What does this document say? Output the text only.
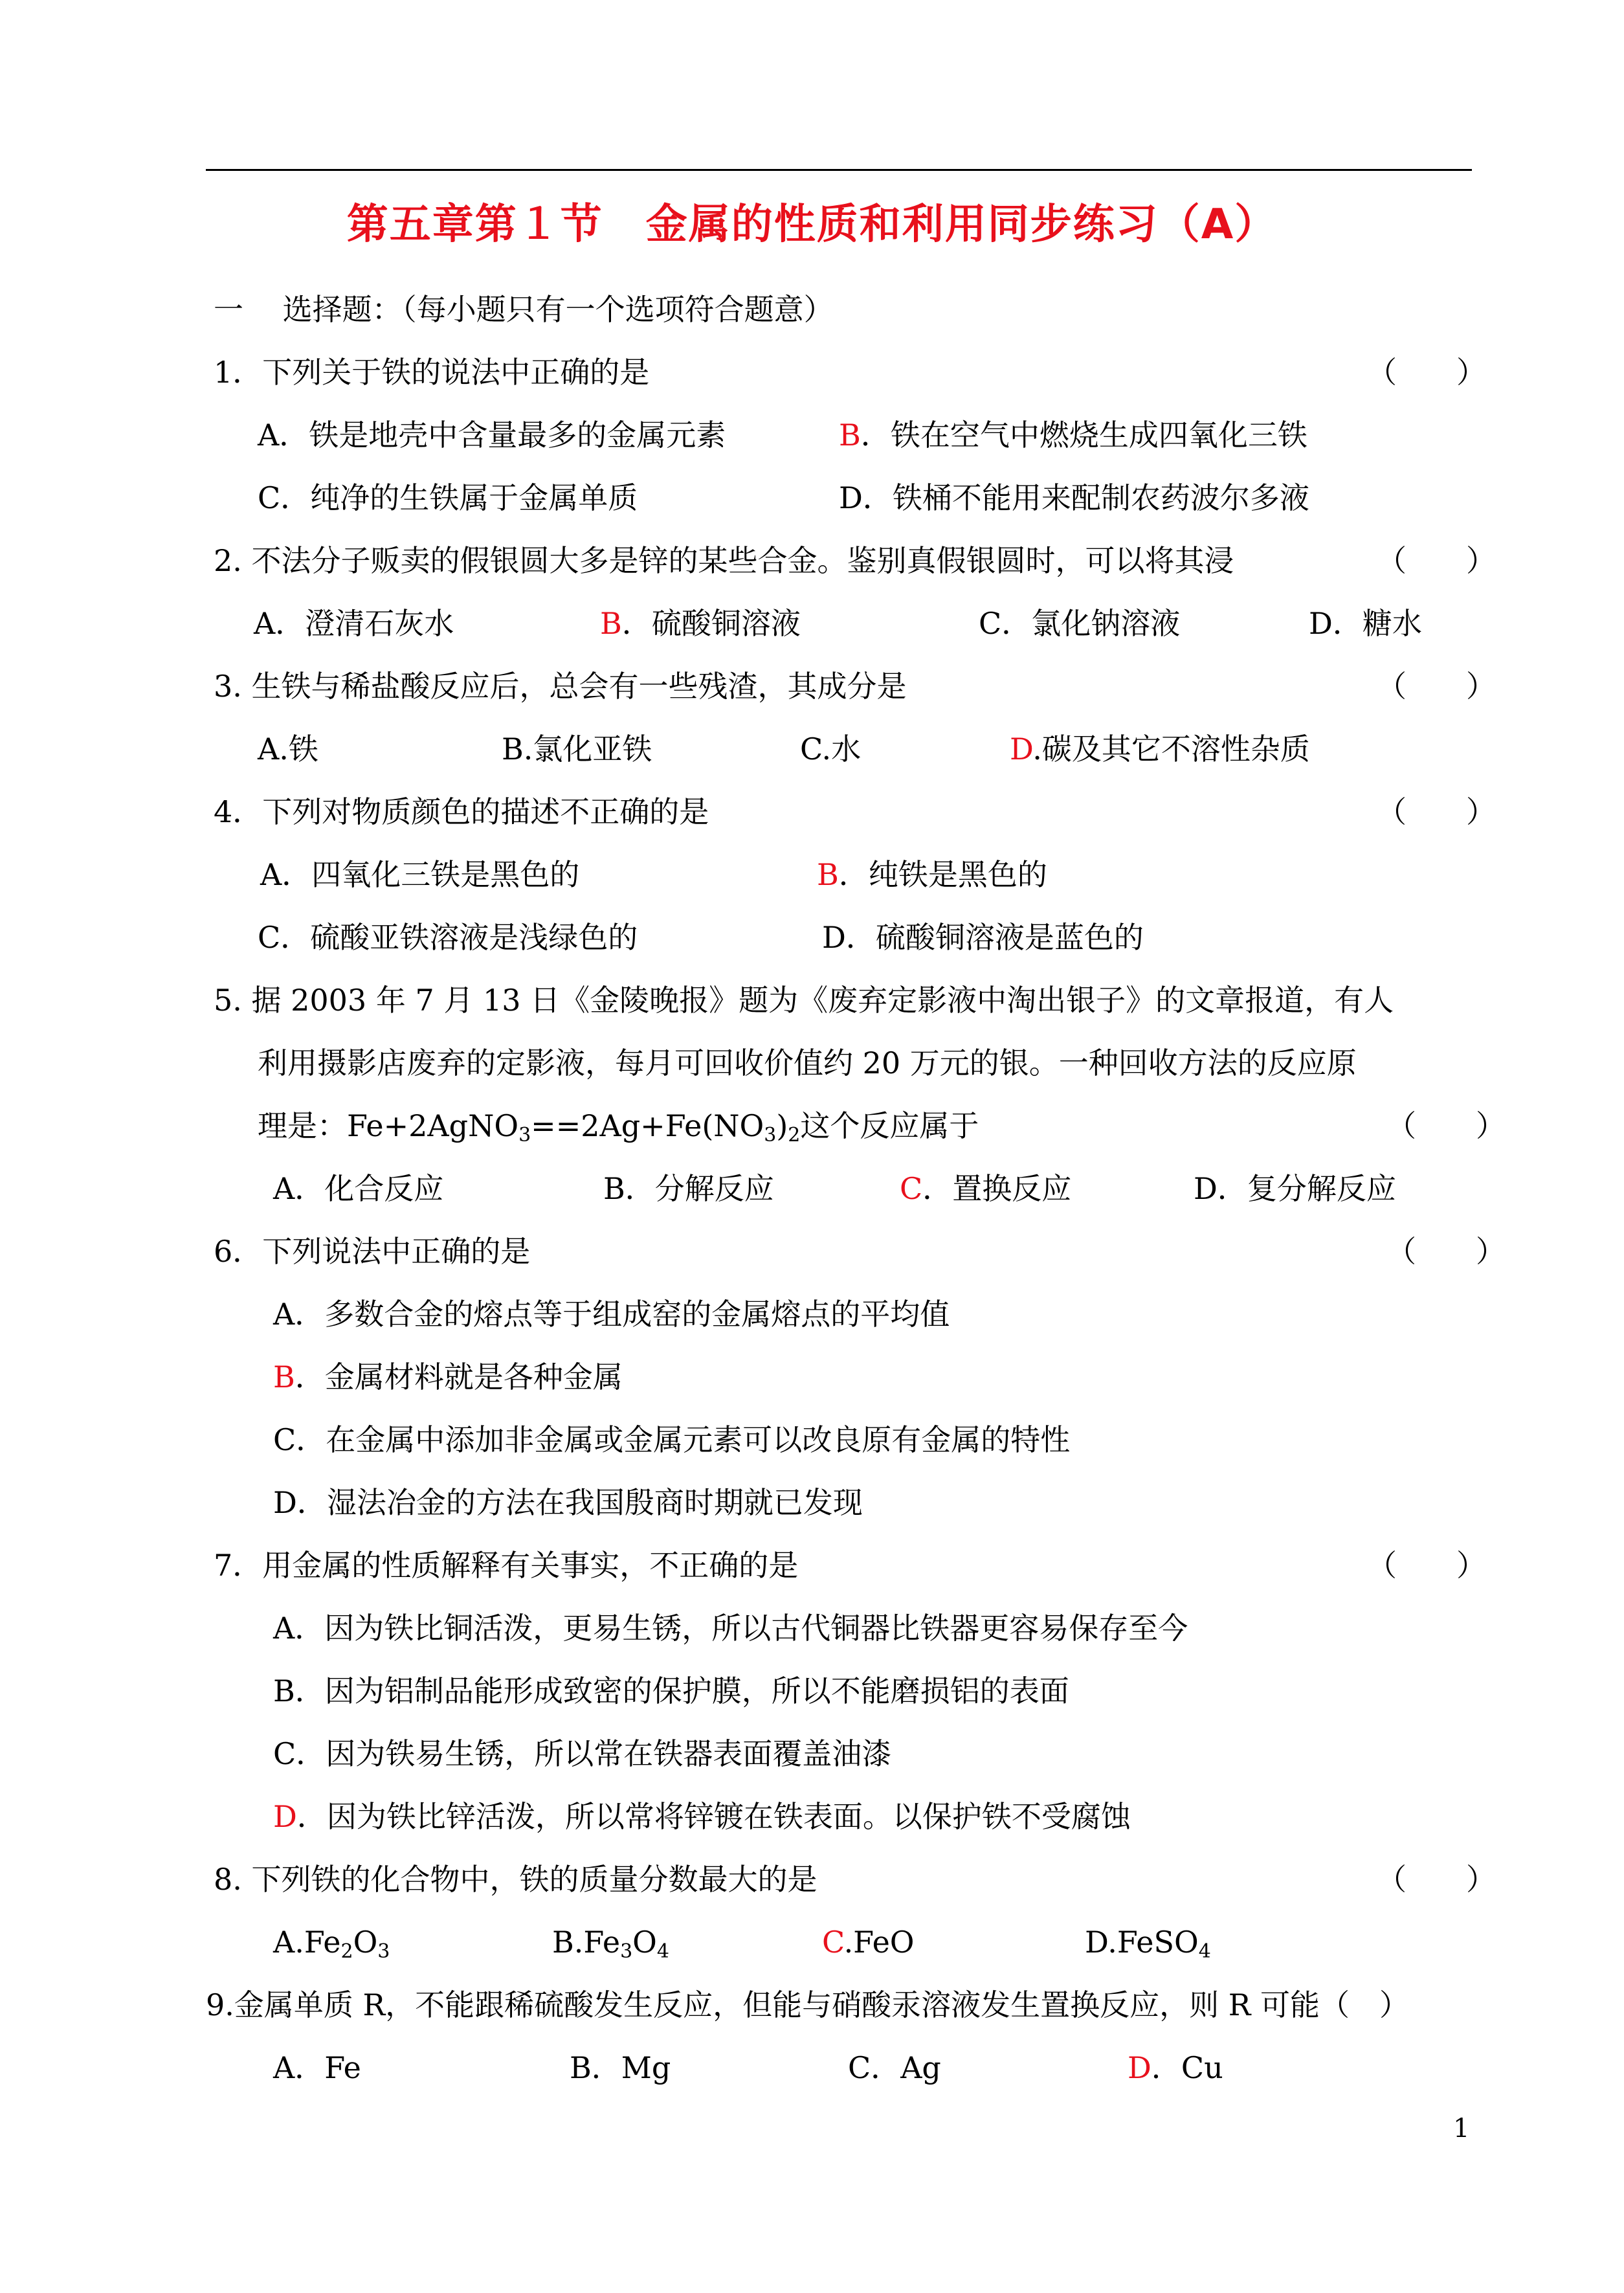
第五章第１节　金属的性质和利用同步练习（A）
一　 选择题：（每小题只有一个选项符合题意）
1．下列关于铁的说法中正确的是	（　　）
A．铁是地壳中含量最多的金属元素	B．铁在空气中燃烧生成四氧化三铁
C．纯净的生铁属于金属单质	D．铁桶不能用来配制农药波尔多液
2. 不法分子贩卖的假银圆大多是锌的某些合金。鉴别真假银圆时，可以将其浸	（　　）
A．澄清石灰水	B．硫酸铜溶液	C．氯化钠溶液	D．糖水
3. 生铁与稀盐酸反应后，总会有一些残渣，其成分是	（　　）
A.铁	B.氯化亚铁	C.水	D.碳及其它不溶性杂质
4．下列对物质颜色的描述不正确的是	（　　）
A．四氧化三铁是黑色的	B．纯铁是黑色的
C．硫酸亚铁溶液是浅绿色的	D．硫酸铜溶液是蓝色的
5. 据 2003 年 7 月 13 日《金陵晚报》题为《废弃定影液中淘出银子》的文章报道，有人
利用摄影店废弃的定影液，每月可回收价值约 20 万元的银。一种回收方法的反应原
理是：$Fe+2AgNO_3==2Ag+Fe(NO_3)_2$这个反应属于	（　　）
A．化合反应	B．分解反应	C．置换反应	D．复分解反应
6．下列说法中正确的是	（　　）
A．多数合金的熔点等于组成窑的金属熔点的平均值
B．金属材料就是各种金属
C．在金属中添加非金属或金属元素可以改良原有金属的特性
D．湿法冶金的方法在我国殷商时期就已发现
7．用金属的性质解释有关事实，不正确的是	（　　）
A．因为铁比铜活泼，更易生锈，所以古代铜器比铁器更容易保存至今
B．因为铝制品能形成致密的保护膜，所以不能磨损铝的表面
C．因为铁易生锈，所以常在铁器表面覆盖油漆
D．因为铁比锌活泼，所以常将锌镀在铁表面。以保护铁不受腐蚀
8. 下列铁的化合物中，铁的质量分数最大的是	（　　）
$A.Fe_2O_3$	$B.Fe_3O_4$	C.FeO	D.FeSO$_4$
9.金属单质 R，不能跟稀硫酸发生反应，但能与硝酸汞溶液发生置换反应，则 R 可能（　）
A．Fe	B．Mg	C．Ag	D．Cu
1
